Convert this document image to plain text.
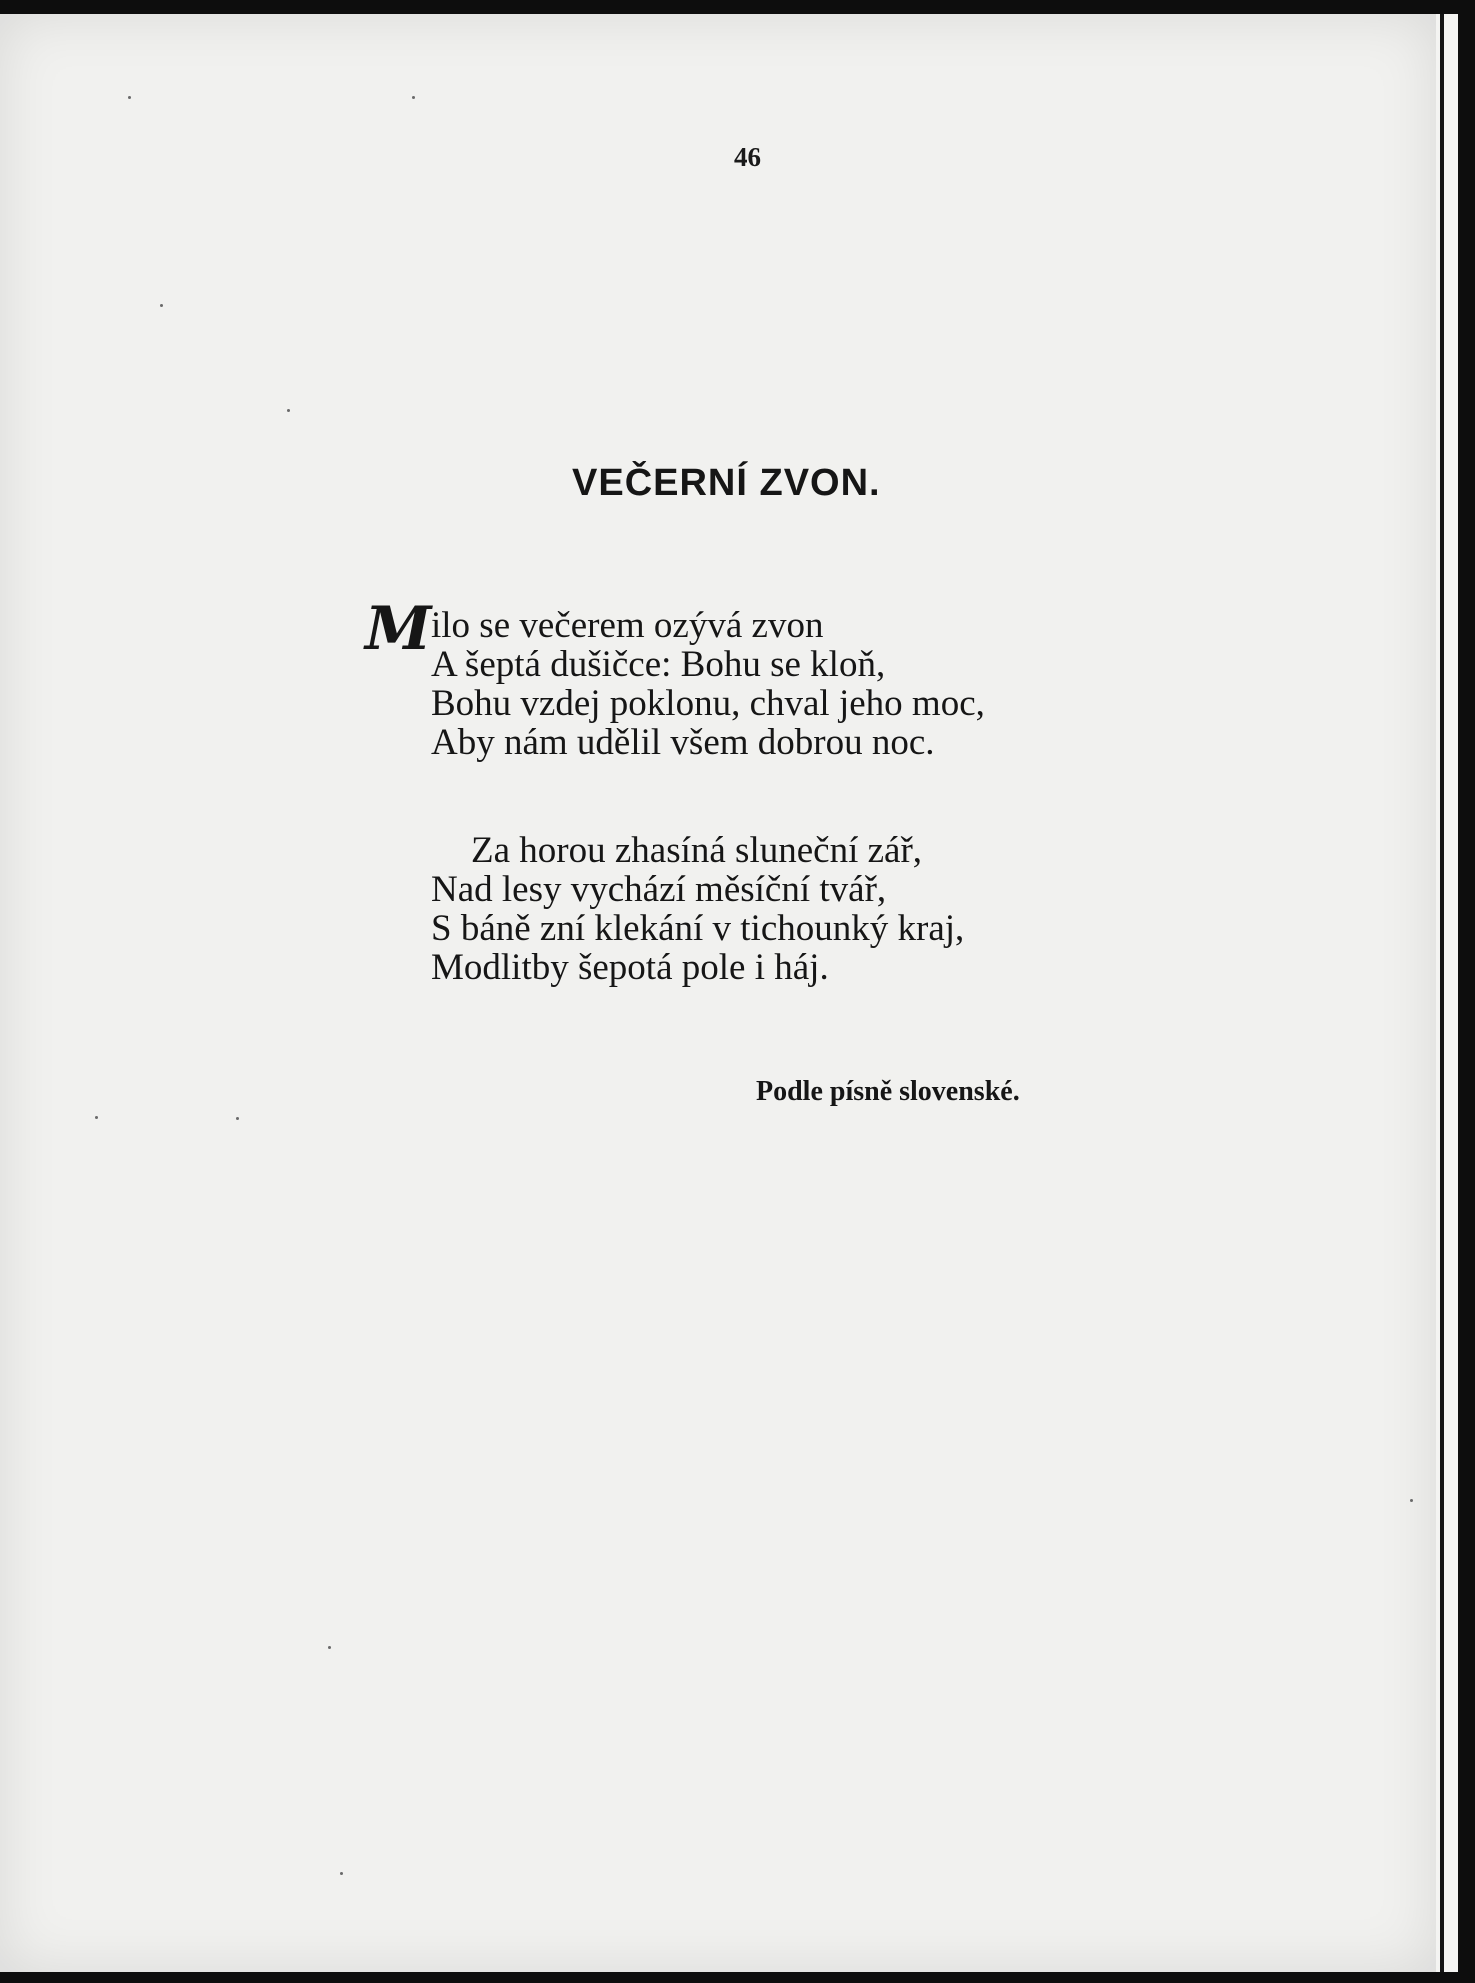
46
VEČERNÍ ZVON.
M ilo se večerem ozývá zvon
A šeptá dušičce: Bohu se kloň,
Bohu vzdej poklonu, chval jeho moc,
Aby nám udělil všem dobrou noc.
Za horou zhasíná sluneční zář,
Nad lesy vychází měsíční tvář,
S báně zní klekání v tichounký kraj,
Modlitby šepotá pole i háj.
Podle písně slovenské.
